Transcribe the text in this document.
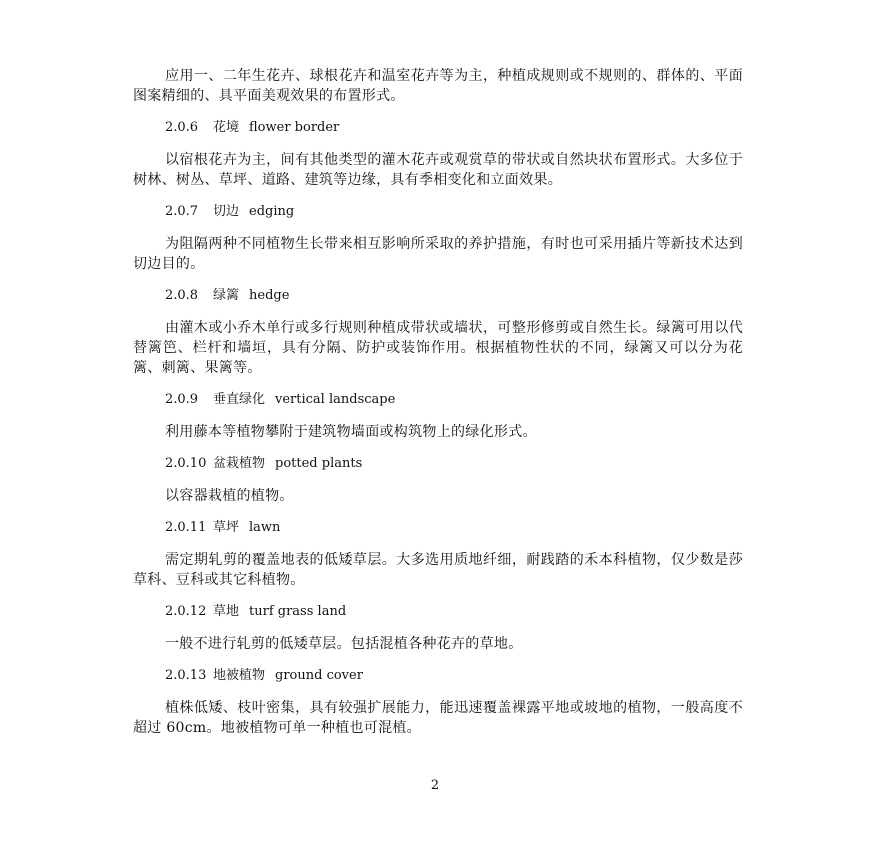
应用一、二年生花卉、球根花卉和温室花卉等为主，种植成规则或不规则的、群体的、平面图案精细的、具平面美观效果的布置形式。

2.0.6 花境 flower border

以宿根花卉为主，间有其他类型的灌木花卉或观赏草的带状或自然块状布置形式。大多位于树林、树丛、草坪、道路、建筑等边缘，具有季相变化和立面效果。

2.0.7 切边 edging

为阻隔两种不同植物生长带来相互影响所采取的养护措施，有时也可采用插片等新技术达到切边目的。

2.0.8 绿篱 hedge

由灌木或小乔木单行或多行规则种植成带状或墙状，可整形修剪或自然生长。绿篱可用以代替篱笆、栏杆和墙垣，具有分隔、防护或装饰作用。根据植物性状的不同，绿篱又可以分为花篱、刺篱、果篱等。

2.0.9 垂直绿化 vertical landscape

利用藤本等植物攀附于建筑物墙面或构筑物上的绿化形式。

2.0.10 盆栽植物 potted plants

以容器栽植的植物。

2.0.11 草坪 lawn

需定期轧剪的覆盖地表的低矮草层。大多选用质地纤细，耐践踏的禾本科植物，仅少数是莎草科、豆科或其它科植物。

2.0.12 草地 turf grass land

一般不进行轧剪的低矮草层。包括混植各种花卉的草地。

2.0.13 地被植物 ground cover

植株低矮、枝叶密集，具有较强扩展能力，能迅速覆盖裸露平地或坡地的植物，一般高度不超过 60cm。地被植物可单一种植也可混植。

2
